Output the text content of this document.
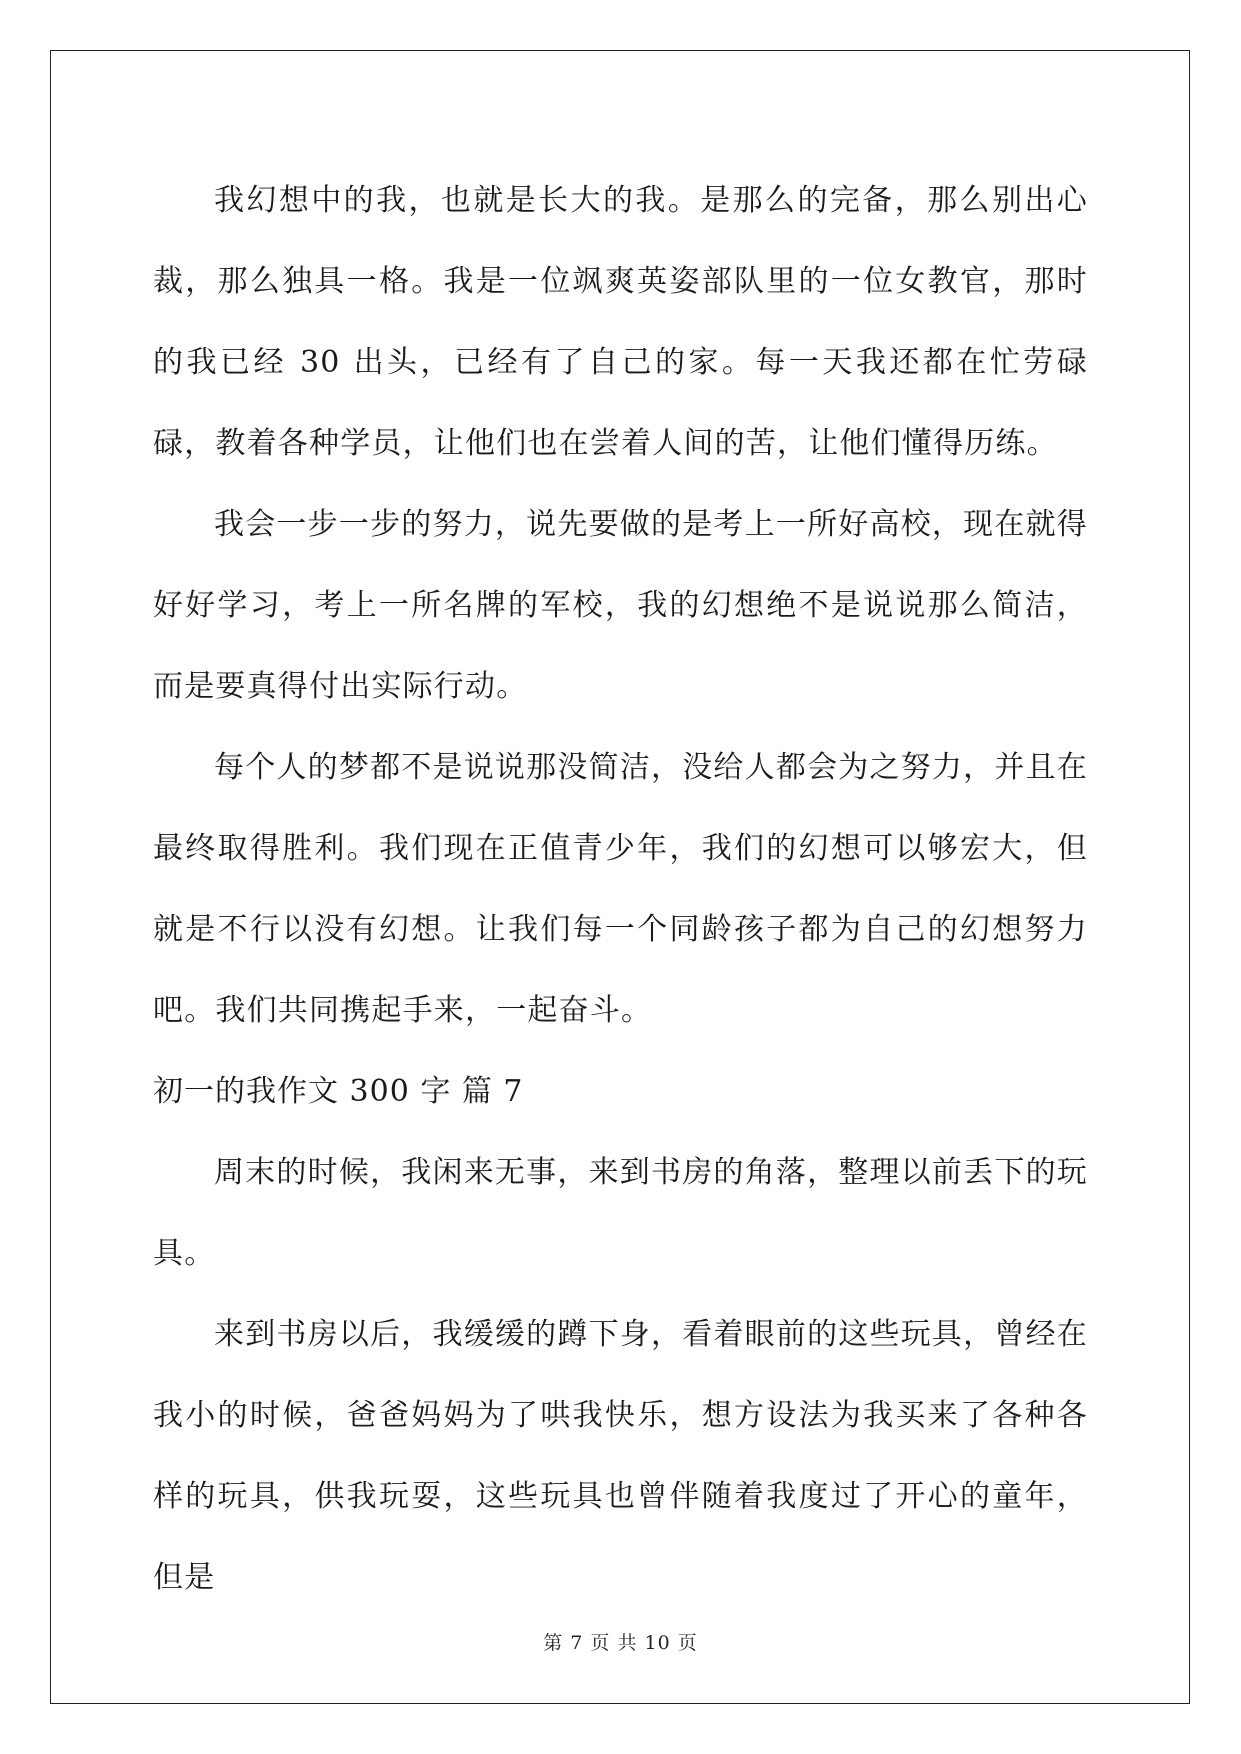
我幻想中的我，也就是长大的我。是那么的完备，那么别出心裁，那么独具一格。我是一位飒爽英姿部队里的一位女教官，那时的我已经 30 出头，已经有了自己的家。每一天我还都在忙劳碌碌，教着各种学员，让他们也在尝着人间的苦，让他们懂得历练。

我会一步一步的努力，说先要做的是考上一所好高校，现在就得好好学习，考上一所名牌的军校，我的幻想绝不是说说那么简洁，而是要真得付出实际行动。

每个人的梦都不是说说那没简洁，没给人都会为之努力，并且在最终取得胜利。我们现在正值青少年，我们的幻想可以够宏大，但就是不行以没有幻想。让我们每一个同龄孩子都为自己的幻想努力吧。我们共同携起手来，一起奋斗。

初一的我作文 300 字 篇 7

周末的时候，我闲来无事，来到书房的角落，整理以前丢下的玩具。

来到书房以后，我缓缓的蹲下身，看着眼前的这些玩具，曾经在我小的时候，爸爸妈妈为了哄我快乐，想方设法为我买来了各种各样的玩具，供我玩耍，这些玩具也曾伴随着我度过了开心的童年，但是

第 7 页 共 10 页
